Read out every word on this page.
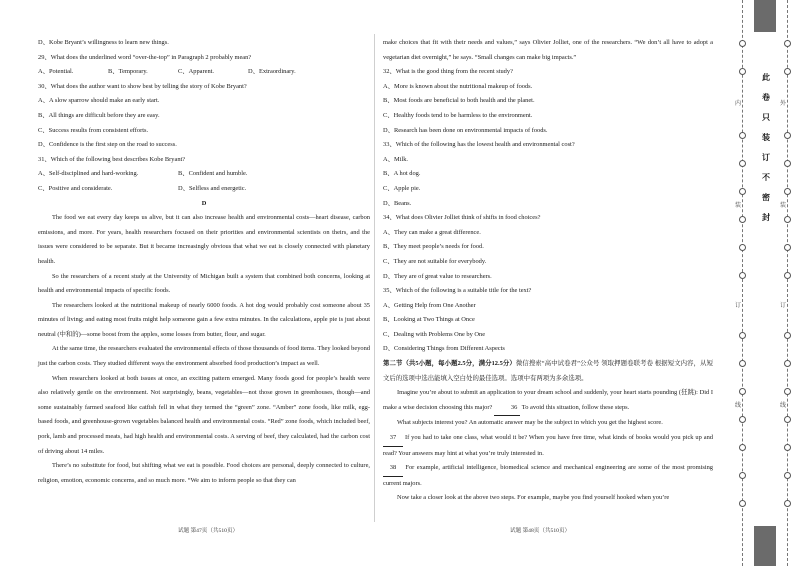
D、Kobe Bryant’s willingness to learn new things.
29、What does the underlined word “over-the-top” in Paragraph 2 probably mean?
A、Potential.	B、Temporary.	C、Apparent.	D、Extraordinary.
30、What does the author want to show best by telling the story of Kobe Bryant?
A、A slow sparrow should make an early start.
B、All things are difficult before they are easy.
C、Success results from consistent efforts.
D、Confidence is the first step on the road to success.
31、Which of the following best describes Kobe Bryant?
A、Self-disciplined and hard-working.	B、Confident and humble.
C、Positive and considerate.	D、Selfless and energetic.
D
The food we eat every day keeps us alive, but it can also increase health and environmental costs—heart disease, carbon emissions, and more. For years, health researchers focused on their priorities and environmental scientists on theirs, and the issues were considered to be separate. But it became increasingly obvious that what we eat is closely connected with planetary health.
So the researchers of a recent study at the University of Michigan built a system that combined both concerns, looking at health and environmental impacts of specific foods.
The researchers looked at the nutritional makeup of nearly 6000 foods. A hot dog would probably cost someone about 35 minutes of living; and eating most fruits might help someone gain a few extra minutes. In the calculations, apple pie is just about neutral (中和的)—some boost from the apples, some losses from butter, flour, and sugar.
At the same time, the researchers evaluated the environmental effects of those thousands of food items. They looked beyond just the carbon costs. They studied different ways the environment absorbed food production’s impact as well.
When researchers looked at both issues at once, an exciting pattern emerged. Many foods good for people’s health were also relatively gentle on the environment. Not surprisingly, beans, vegetables—not those grown in greenhouses, though—and some sustainably farmed seafood like catfish fell in what they termed the “green” zone. “Amber” zone foods, like milk, egg-based foods, and greenhouse-grown vegetables balanced health and environmental costs. “Red” zone foods, which included beef, pork, lamb and processed meats, had high health and environmental costs. A serving of beef, they calculated, had the carbon cost of driving about 14 miles.
There’s no substitute for food, but shifting what we eat is possible. Food choices are personal, deeply connected to culture, religion, emotion, economic concerns, and so much more. “We aim to inform people so that they can
make choices that fit with their needs and values,” says Olivier Jolliet, one of the researchers. “We don’t all have to adopt a vegetarian diet overnight,” he says. “Small changes can make big impacts.”
32、What is the good thing from the recent study?
A、More is known about the nutritional makeup of foods.
B、Most foods are beneficial to both health and the planet.
C、Healthy foods tend to be harmless to the environment.
D、Research has been done on environmental impacts of foods.
33、Which of the following has the lowest health and environmental cost?
A、Milk.
B、A hot dog.
C、Apple pie.
D、Beans.
34、What does Olivier Jolliet think of shifts in food choices?
A、They can make a great difference.
B、They meet people’s needs for food.
C、They are not suitable for everybody.
D、They are of great value to researchers.
35、Which of the following is a suitable title for the text?
A、Getting Help from One Another
B、Looking at Two Things at Once
C、Dealing with Problems One by One
D、Considering Things from Different Aspects
第二节（共5小题，每小题2.5分，满分12.5分）微信搜索“高中试卷君”公众号 领取押题卷联考卷 根据短文内容，从短文后的选项中选出能填入空白处的最佳选项。选项中有两项为多余选项。
Imagine you’re about to submit an application to your dream school and suddenly, your heart starts pounding (狂跳): Did I make a wise decision choosing this major?	36 To avoid this situation, follow these steps.
What subjects interest you? An automatic answer may be the subject in which you get the highest score.
37 If you had to take one class, what would it be? When you have free time, what kinds of books would you pick up and read? Your answers may hint at what you’re truly interested in.
38 For example, artificial intelligence, biomedical science and mechanical engineering are some of the most promising current majors.
Now take a closer look at the above two steps. For example, maybe you find yourself hooked when you’re
试题 第47页（共510页）	试题 第48页（共510页）
内
装
订
线
外
装
订
线
此
卷
只
装
订
不
密
封
